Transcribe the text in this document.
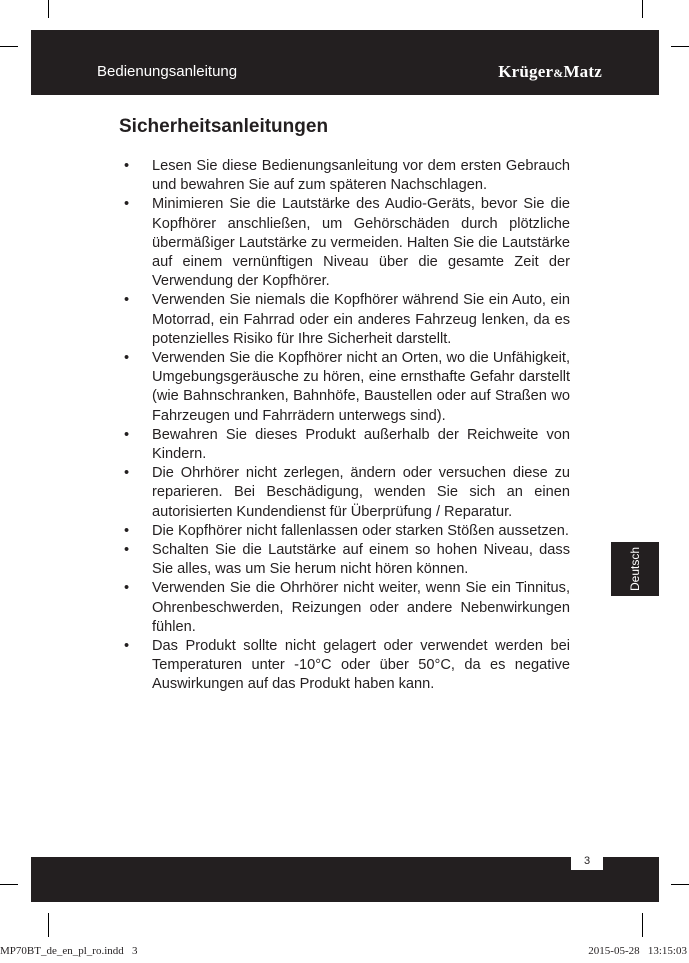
Bedienungsanleitung	Krüger&Matz
Sicherheitsanleitungen
• Lesen Sie diese Bedienungsanleitung vor dem ersten Gebrauch und bewahren Sie auf zum späteren Nachschlagen.
• Minimieren Sie die Lautstärke des Audio-Geräts, bevor Sie die Kopfhörer anschließen, um Gehörschäden durch plötzliche übermäßiger Lautstärke zu vermeiden. Halten Sie die Lautstärke auf einem vernünftigen Niveau über die gesamte Zeit der Verwendung der Kopfhörer.
• Verwenden Sie niemals die Kopfhörer während Sie ein Auto, ein Motorrad, ein Fahrrad oder ein anderes Fahrzeug lenken, da es potenzielles Risiko für Ihre Sicherheit darstellt.
• Verwenden Sie die Kopfhörer nicht an Orten, wo die Unfähigkeit, Umgebungsgeräusche zu hören, eine ernsthafte Gefahr darstellt (wie Bahnschranken, Bahnhöfe, Baustellen oder auf Straßen wo Fahrzeugen und Fahrrädern unterwegs sind).
• Bewahren Sie dieses Produkt außerhalb der Reichweite von Kindern.
• Die Ohrhörer nicht zerlegen, ändern oder versuchen diese zu reparieren. Bei Beschädigung, wenden Sie sich an einen autorisierten Kundendienst für Überprüfung / Reparatur.
• Die Kopfhörer nicht fallenlassen oder starken Stößen aussetzen.
• Schalten Sie die Lautstärke auf einem so hohen Niveau, dass Sie alles, was um Sie herum nicht hören können.
• Verwenden Sie die Ohrhörer nicht weiter, wenn Sie ein Tinnitus, Ohrenbeschwerden, Reizungen oder andere Nebenwirkungen fühlen.
• Das Produkt sollte nicht gelagert oder verwendet werden bei Temperaturen unter -10°C oder über 50°C, da es negative Auswirkungen auf das Produkt haben kann.
Deutsch
3
MP70BT_de_en_pl_ro.indd   3	2015-05-28   13:15:03
